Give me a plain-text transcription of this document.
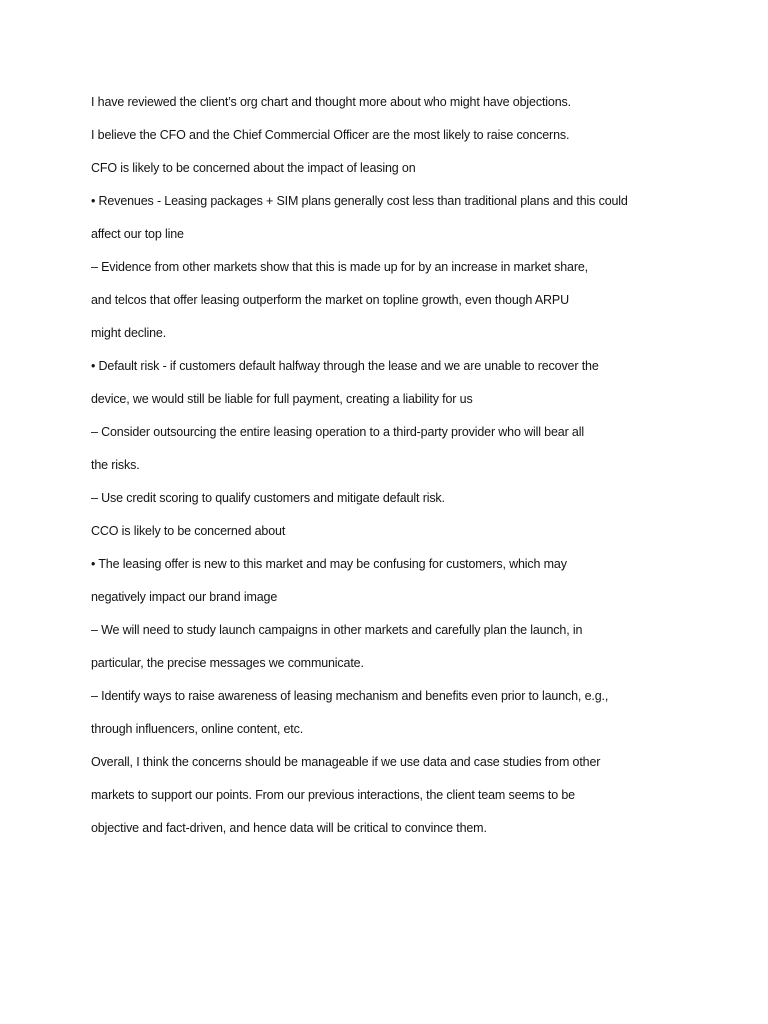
I have reviewed the client’s org chart and thought more about who might have objections.
I believe the CFO and the Chief Commercial Officer are the most likely to raise concerns.
CFO is likely to be concerned about the impact of leasing on
• Revenues - Leasing packages + SIM plans generally cost less than traditional plans and this could
affect our top line
– Evidence from other markets show that this is made up for by an increase in market share,
and telcos that offer leasing outperform the market on topline growth, even though ARPU
might decline.
• Default risk - if customers default halfway through the lease and we are unable to recover the
device, we would still be liable for full payment, creating a liability for us
– Consider outsourcing the entire leasing operation to a third-party provider who will bear all
the risks.
– Use credit scoring to qualify customers and mitigate default risk.
CCO is likely to be concerned about
• The leasing offer is new to this market and may be confusing for customers, which may
negatively impact our brand image
– We will need to study launch campaigns in other markets and carefully plan the launch, in
particular, the precise messages we communicate.
– Identify ways to raise awareness of leasing mechanism and benefits even prior to launch, e.g.,
through influencers, online content, etc.
Overall, I think the concerns should be manageable if we use data and case studies from other
markets to support our points. From our previous interactions, the client team seems to be
objective and fact-driven, and hence data will be critical to convince them.
